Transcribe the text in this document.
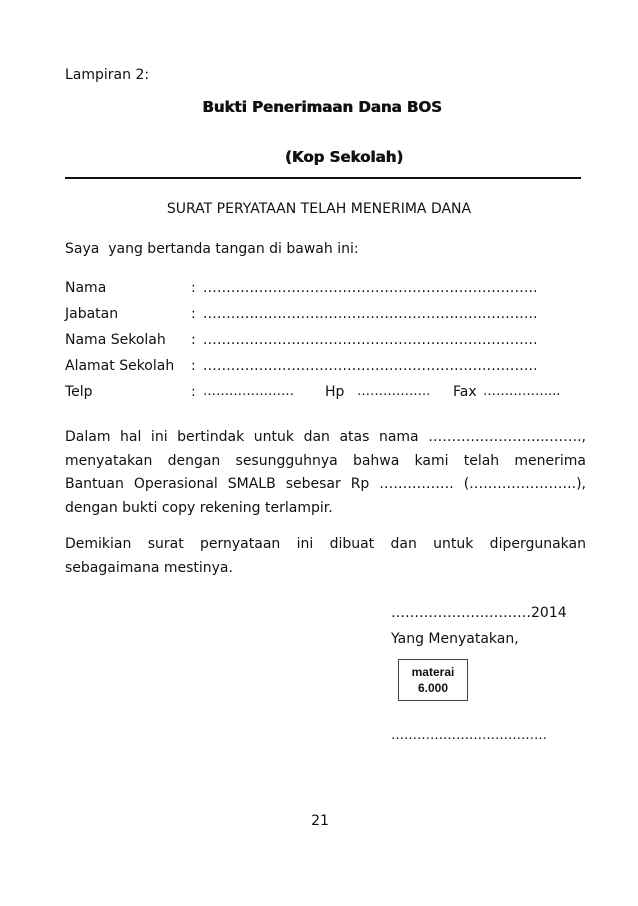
Lampiran 2:
Bukti Penerimaan Dana BOS
(Kop Sekolah)
SURAT PERYATAAN TELAH MENERIMA DANA
Saya  yang bertanda tangan di bawah ini:
Nama	: ........................................................................
Jabatan	: ........................................................................
Nama Sekolah : ........................................................................
Alamat Sekolah : ........................................................................
Telp	: ………………… Hp …………….. Fax ……………...
Dalam hal ini bertindak untuk dan atas nama ……………………..…….,
menyatakan dengan sesungguhnya bahwa kami telah menerima
Bantuan Operasional SMALB sebesar Rp ……………. (…………………..),
dengan bukti copy rekening terlampir.
Demikian surat pernyataan ini dibuat dan untuk dipergunakan
sebagaimana mestinya.
…………………………2014
Yang Menyatakan,
materai
6.000
………………………………
21
